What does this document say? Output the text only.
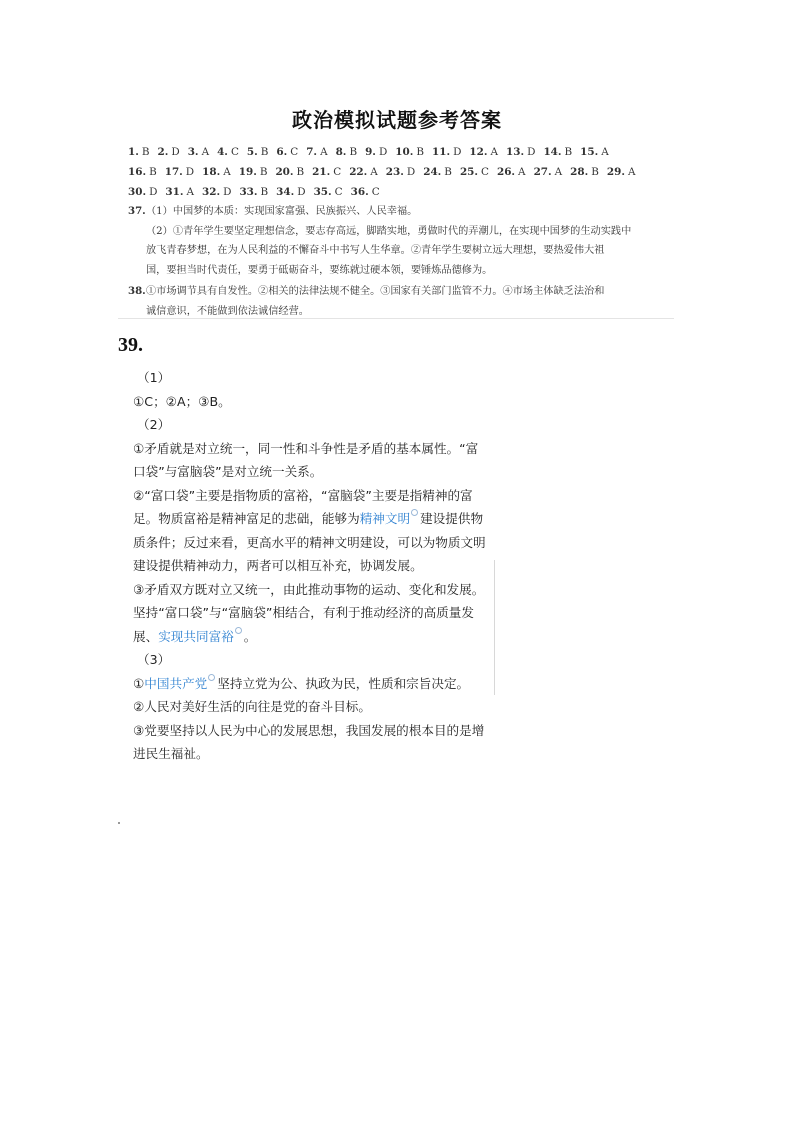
政治模拟试题参考答案
1. B 2. D 3. A 4. C 5. B 6. C 7. A 8. B 9. D 10. B 11. D 12. A 13. D 14. B 15. A
16. B 17. D 18. A 19. B 20. B 21. C 22. A 23. D 24. B 25. C 26. A 27. A 28. B 29. A
30. D 31. A 32. D 33. B 34. D 35. C 36. C
37. （1）中国梦的本质：实现国家富强、民族振兴、人民幸福。
（2）①青年学生要坚定理想信念，要志存高远，脚踏实地，勇做时代的弄潮儿，在实现中国梦的生动实践中
放飞青春梦想，在为人民利益的不懈奋斗中书写人生华章。②青年学生要树立远大理想，要热爱伟大祖
国，要担当时代责任，要勇于砥砺奋斗，要练就过硬本领，要锤炼品德修为。
38. ①市场调节具有自发性。②相关的法律法规不健全。③国家有关部门监管不力。④市场主体缺乏法治和
诚信意识，不能做到依法诚信经营。
39.

（1）

①C；②A；③B。

（2）

①矛盾就是对立统一，同一性和斗争性是矛盾的基本属性。“富口袋”与富脑袋”是对立统一关系。

②“富口袋”主要是指物质的富裕，“富脑袋”主要是指精神的富足。物质富裕是精神富足的悲础，能够为精神文明 建设提供物质条件；反过来看，更高水平的精神文明建设，可以为物质文明建设提供精神动力，两者可以相互补充，协调发展。

③矛盾双方既对立又统一，由此推动事物的运动、变化和发展。坚持“富口袋”与“富脑袋”相结合，有利于推动经济的高质量发展、实现共同富裕 。

（3）

①中国共产党 坚持立党为公、执政为民，性质和宗旨决定。

②人民对美好生活的向往是党的奋斗目标。

③党要坚持以人民为中心的发展思想，我国发展的根本目的是增进民生福祉。
